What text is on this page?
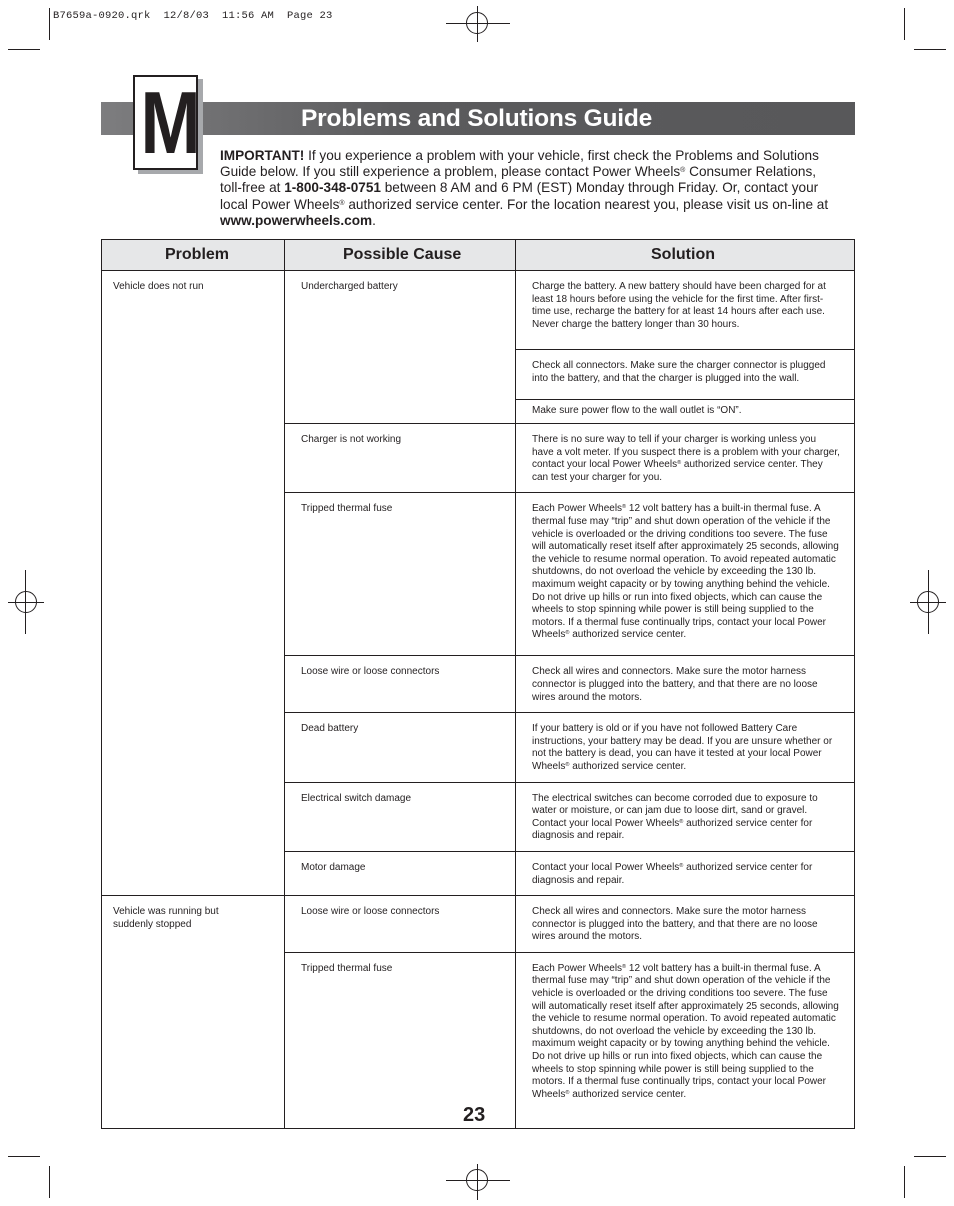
B7659a-0920.qrk  12/8/03  11:56 AM  Page 23
Problems and Solutions Guide
M IMPORTANT! If you experience a problem with your vehicle, first check the Problems and Solutions Guide below. If you still experience a problem, please contact Power Wheels® Consumer Relations, toll-free at 1-800-348-0751 between 8 AM and 6 PM (EST) Monday through Friday. Or, contact your local Power Wheels® authorized service center. For the location nearest you, please visit us on-line at www.powerwheels.com.
Problem	Possible Cause	Solution

Vehicle does not run	Undercharged battery	Charge the battery. A new battery should have been charged for at least 18 hours before using the vehicle for the first time. After first-time use, recharge the battery for at least 14 hours after each use. Never charge the battery longer than 30 hours.

		Check all connectors. Make sure the charger connector is plugged into the battery, and that the charger is plugged into the wall.

		Make sure power flow to the wall outlet is “ON”.

	Charger is not working	There is no sure way to tell if your charger is working unless you have a volt meter. If you suspect there is a problem with your charger, contact your local Power Wheels® authorized service center. They can test your charger for you.

	Tripped thermal fuse	Each Power Wheels® 12 volt battery has a built-in thermal fuse. A thermal fuse may “trip” and shut down operation of the vehicle if the vehicle is overloaded or the driving conditions too severe. The fuse will automatically reset itself after approximately 25 seconds, allowing the vehicle to resume normal operation. To avoid repeated automatic shutdowns, do not overload the vehicle by exceeding the 130 lb. maximum weight capacity or by towing anything behind the vehicle. Do not drive up hills or run into fixed objects, which can cause the wheels to stop spinning while power is still being supplied to the motors. If a thermal fuse continually trips, contact your local Power Wheels® authorized service center.

	Loose wire or loose connectors	Check all wires and connectors. Make sure the motor harness connector is plugged into the battery, and that there are no loose wires around the motors.

	Dead battery	If your battery is old or if you have not followed Battery Care instructions, your battery may be dead. If you are unsure whether or not the battery is dead, you can have it tested at your local Power Wheels® authorized service center.

	Electrical switch damage	The electrical switches can become corroded due to exposure to water or moisture, or can jam due to loose dirt, sand or gravel. Contact your local Power Wheels® authorized service center for diagnosis and repair.

	Motor damage	Contact your local Power Wheels® authorized service center for diagnosis and repair.

Vehicle was running but suddenly stopped	Loose wire or loose connectors	Check all wires and connectors. Make sure the motor harness connector is plugged into the battery, and that there are no loose wires around the motors.

	Tripped thermal fuse	Each Power Wheels® 12 volt battery has a built-in thermal fuse. A thermal fuse may “trip” and shut down operation of the vehicle if the vehicle is overloaded or the driving conditions too severe. The fuse will automatically reset itself after approximately 25 seconds, allowing the vehicle to resume normal operation. To avoid repeated automatic shutdowns, do not overload the vehicle by exceeding the 130 lb. maximum weight capacity or by towing anything behind the vehicle. Do not drive up hills or run into fixed objects, which can cause the wheels to stop spinning while power is still being supplied to the motors. If a thermal fuse continually trips, contact your local Power Wheels® authorized service center.
23
